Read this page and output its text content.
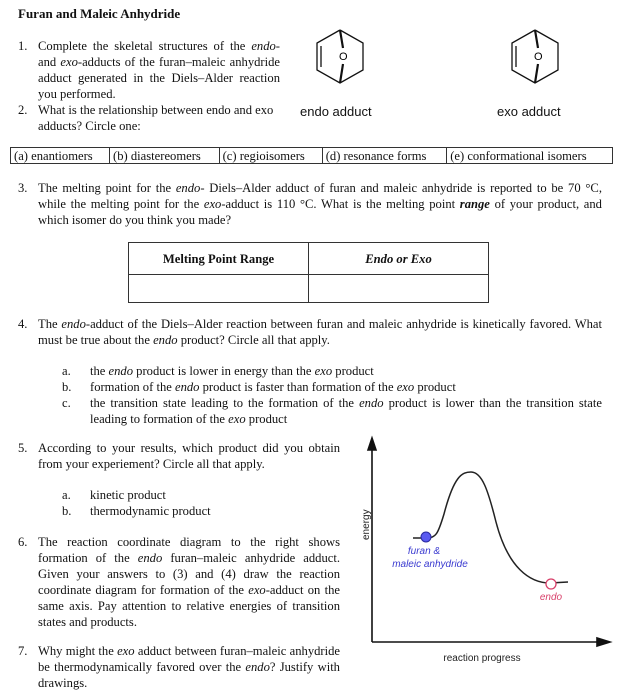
Furan and Maleic Anhydride
1. Complete the skeletal structures of the endo- and exo-adducts of the furan–maleic anhydride adduct generated in the Diels–Alder reaction you performed.
2. What is the relationship between endo and exo adducts? Circle one:
O	O
endo adduct	exo adduct
(a) enantiomers	(b) diastereomers	(c) regioisomers	(d) resonance forms	(e) conformational isomers
3. The melting point for the endo- Diels–Alder adduct of furan and maleic anhydride is reported to be 70 °C, while the melting point for the exo-adduct is 110 °C. What is the melting point range of your product, and which isomer do you think you made?
Melting Point Range	Endo or Exo

4. The endo-adduct of the Diels–Alder reaction between furan and maleic anhydride is kinetically favored. What must be true about the endo product? Circle all that apply.
a.	the endo product is lower in energy than the exo product
b.	formation of the endo product is faster than formation of the exo product
c.	the transition state leading to the formation of the endo product is lower than the transition state leading to formation of the exo product
5. According to your results, which product did you obtain from your experiement? Circle all that apply.
a.	kinetic product
b.	thermodynamic product
6. The reaction coordinate diagram to the right shows formation of the endo furan–maleic anhydride adduct. Given your answers to (3) and (4) draw the reaction coordinate diagram for formation of the exo-adduct on the same axis. Pay attention to relative energies of transition states and products.
7. Why might the exo adduct between furan–maleic anhydride be thermodynamically favored over the endo? Justify with drawings.
energy
reaction progress
furan &
maleic anhydride
endo
